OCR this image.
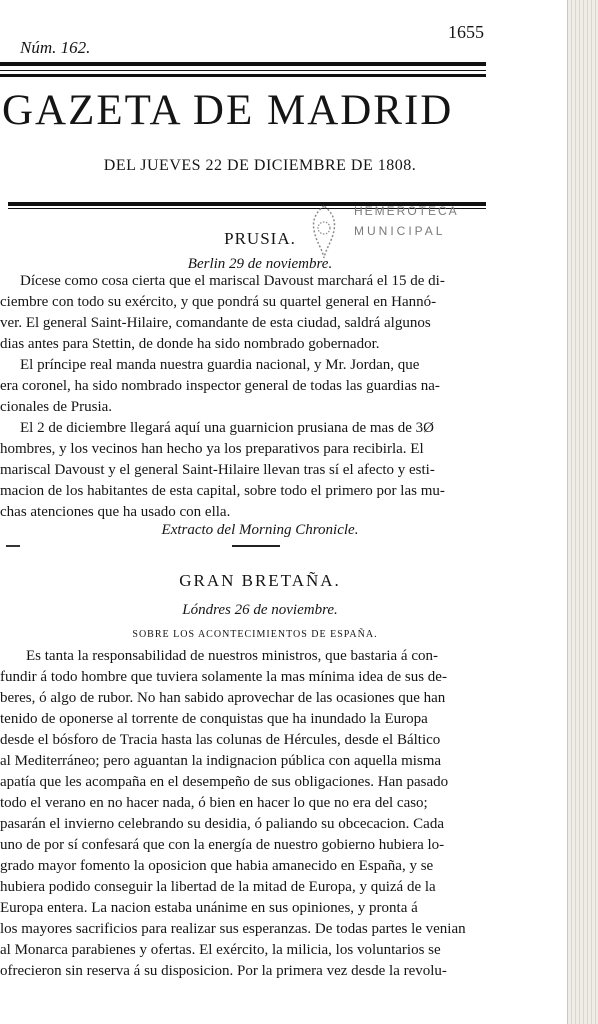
Núm. 162.
1655
GAZETA DE MADRID
DEL JUEVES 22 DE DICIEMBRE DE 1808.
HEMEROTECA
MUNICIPAL
PRUSIA.
Berlin 29 de noviembre.
Dícese como cosa cierta que el mariscal Davoust marchará el 15 de di-
ciembre con todo su exército, y que pondrá su quartel general en Hannó-
ver. El general Saint-Hilaire, comandante de esta ciudad, saldrá algunos
dias antes para Stettin, de donde ha sido nombrado gobernador.
El príncipe real manda nuestra guardia nacional, y Mr. Jordan, que
era coronel, ha sido nombrado inspector general de todas las guardias na-
cionales de Prusia.
El 2 de diciembre llegará aquí una guarnicion prusiana de mas de 3Ø
hombres, y los vecinos han hecho ya los preparativos para recibirla. El
mariscal Davoust y el general Saint-Hilaire llevan tras sí el afecto y esti-
macion de los habitantes de esta capital, sobre todo el primero por las mu-
chas atenciones que ha usado con ella.
Extracto del Morning Chronicle.
GRAN BRETAÑA.
Lóndres 26 de noviembre.
SOBRE LOS ACONTECIMIENTOS DE ESPAÑA.
Es tanta la responsabilidad de nuestros ministros, que bastaria á con-
fundir á todo hombre que tuviera solamente la mas mínima idea de sus de-
beres, ó algo de rubor. No han sabido aprovechar de las ocasiones que han
tenido de oponerse al torrente de conquistas que ha inundado la Europa
desde el bósforo de Tracia hasta las colunas de Hércules, desde el Báltico
al Mediterráneo; pero aguantan la indignacion pública con aquella misma
apatía que les acompaña en el desempeño de sus obligaciones. Han pasado
todo el verano en no hacer nada, ó bien en hacer lo que no era del caso;
pasarán el invierno celebrando su desidia, ó paliando su obcecacion. Cada
uno de por sí confesará que con la energía de nuestro gobierno hubiera lo-
grado mayor fomento la oposicion que habia amanecido en España, y se
hubiera podido conseguir la libertad de la mitad de Europa, y quizá de la
Europa entera. La nacion estaba unánime en sus opiniones, y pronta á
los mayores sacrificios para realizar sus esperanzas. De todas partes le venian
al Monarca parabienes y ofertas. El exército, la milicia, los voluntarios se
ofrecieron sin reserva á su disposicion. Por la primera vez desde la revolu-
